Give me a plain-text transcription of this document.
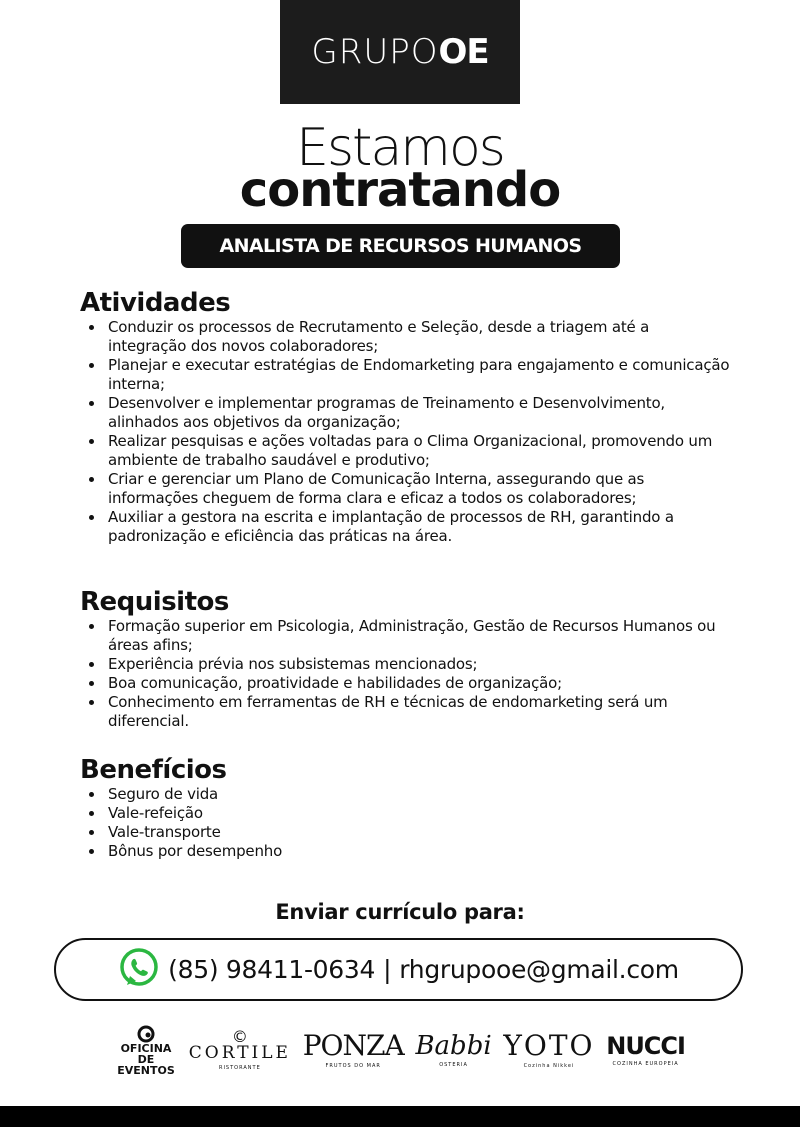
GRUPOOE
Estamos
contratando
ANALISTA DE RECURSOS HUMANOS
Atividades
Conduzir os processos de Recrutamento e Seleção, desde a triagem até a integração dos novos colaboradores;
Planejar e executar estratégias de Endomarketing para engajamento e comunicação interna;
Desenvolver e implementar programas de Treinamento e Desenvolvimento, alinhados aos objetivos da organização;
Realizar pesquisas e ações voltadas para o Clima Organizacional, promovendo um ambiente de trabalho saudável e produtivo;
Criar e gerenciar um Plano de Comunicação Interna, assegurando que as informações cheguem de forma clara e eficaz a todos os colaboradores;
Auxiliar a gestora na escrita e implantação de processos de RH, garantindo a padronização e eficiência das práticas na área.
Requisitos
Formação superior em Psicologia, Administração, Gestão de Recursos Humanos ou áreas afins;
Experiência prévia nos subsistemas mencionados;
Boa comunicação, proatividade e habilidades de organização;
Conhecimento em ferramentas de RH e técnicas de endomarketing será um diferencial.
Benefícios
Seguro de vida
Vale-refeição
Vale-transporte
Bônus por desempenho
Enviar currículo para:
(85) 98411-0634 | rhgrupooe@gmail.com
OFICINA DE EVENTOS
©
CORTILE
RISTORANTE
PONZA
FRUTOS DO MAR
Babbi
OSTERIA
YOTO
Cozinha Nikkei
NUCCI
COZINHA EUROPEIA
